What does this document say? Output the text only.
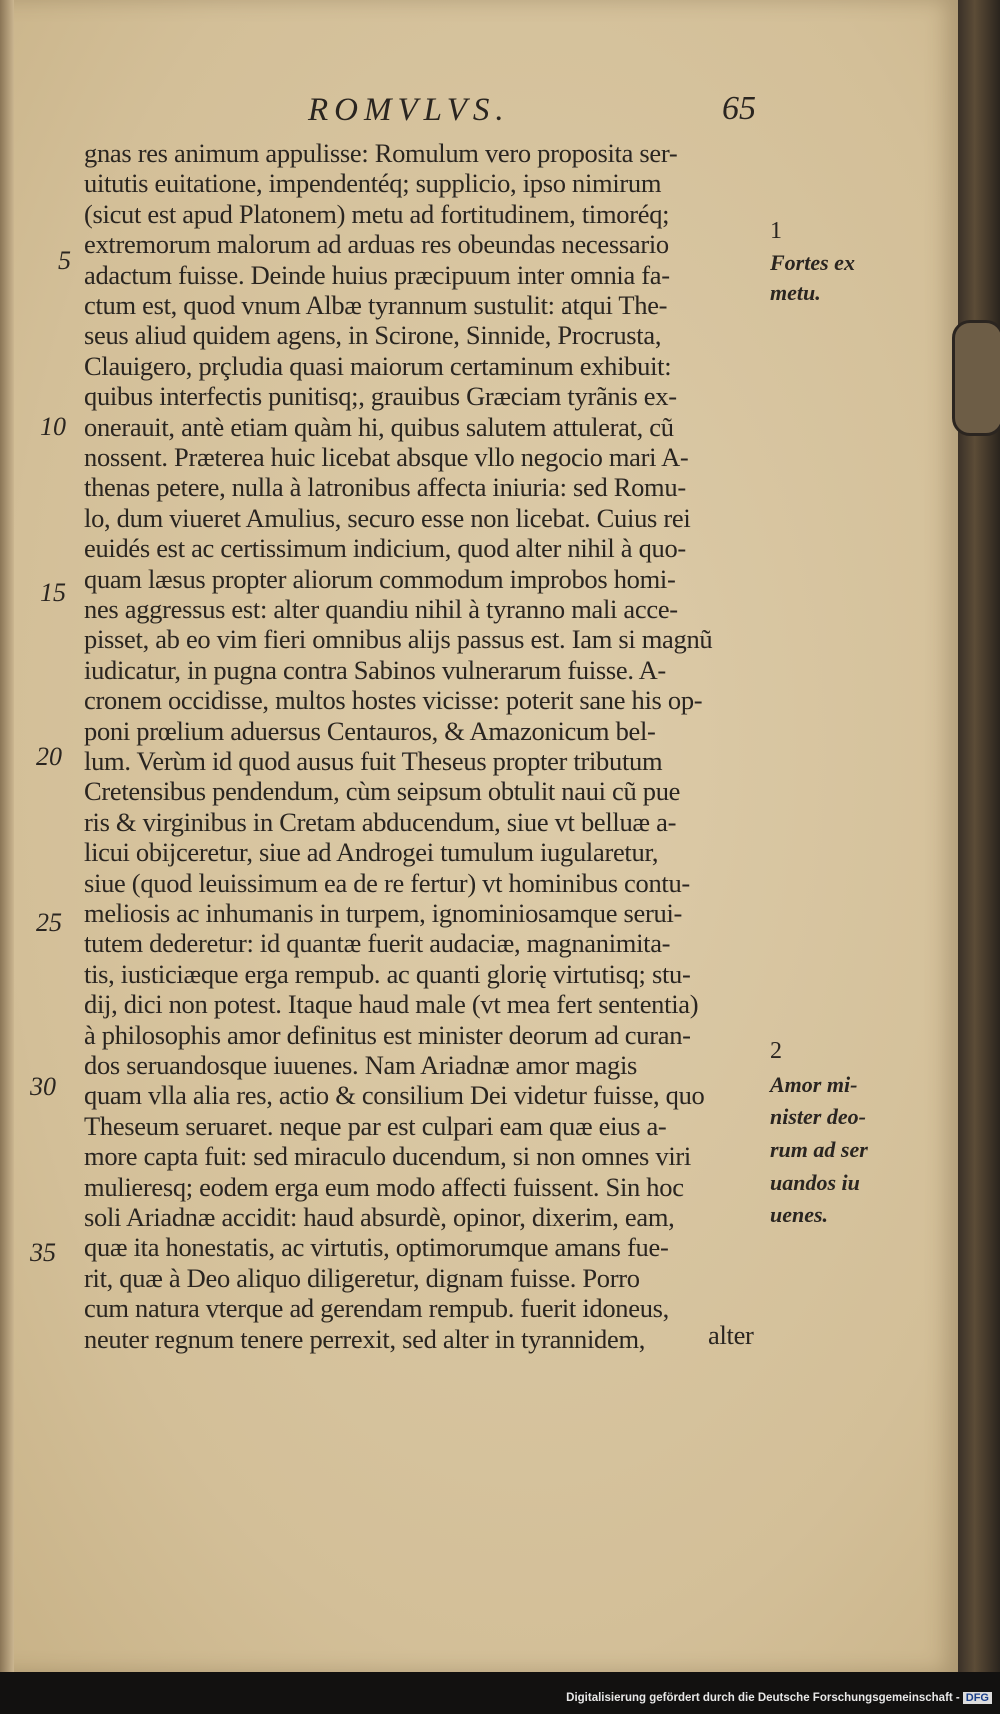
ROMVLVS.	65
gnas res animum appulisse: Romulum vero proposita ser-
uitutis euitatione, impendentéq; supplicio, ipso nimirum
(sicut est apud Platonem) metu ad fortitudinem, timoréq;
extremorum malorum ad arduas res obeundas necessario
adactum fuisse. Deinde huius præcipuum inter omnia fa-
ctum est, quod vnum Albæ tyrannum sustulit: atqui The-
seus aliud quidem agens, in Scirone, Sinnide, Procrusta,
Clauigero, prçludia quasi maiorum certaminum exhibuit:
quibus interfectis punitisq;, grauibus Græciam tyrãnis ex-
onerauit, antè etiam quàm hi, quibus salutem attulerat, cũ
nossent. Præterea huic licebat absque vllo negocio mari A-
thenas petere, nulla à latronibus affecta iniuria: sed Romu-
lo, dum viueret Amulius, securo esse non licebat. Cuius rei
euidés est ac certissimum indicium, quod alter nihil à quo-
quam læsus propter aliorum commodum improbos homi-
nes aggressus est: alter quandiu nihil à tyranno mali acce-
pisset, ab eo vim fieri omnibus alijs passus est. Iam si magnũ
iudicatur, in pugna contra Sabinos vulnerarum fuisse. A-
cronem occidisse, multos hostes vicisse: poterit sane his op-
poni prœlium aduersus Centauros, & Amazonicum bel-
lum. Verùm id quod ausus fuit Theseus propter tributum
Cretensibus pendendum, cùm seipsum obtulit naui cũ pue
ris & virginibus in Cretam abducendum, siue vt belluæ a-
licui obijceretur, siue ad Androgei tumulum iugularetur,
siue (quod leuissimum ea de re fertur) vt hominibus contu-
meliosis ac inhumanis in turpem, ignominiosamque serui-
tutem dederetur: id quantæ fuerit audaciæ, magnanimita-
tis, iusticiæque erga rempub. ac quanti glorię virtutisq; stu-
dij, dici non potest. Itaque haud male (vt mea fert sententia)
à philosophis amor definitus est minister deorum ad curan-
dos seruandosque iuuenes. Nam Ariadnæ amor magis
quam vlla alia res, actio & consilium Dei videtur fuisse, quo
Theseum seruaret. neque par est culpari eam quæ eius a-
more capta fuit: sed miraculo ducendum, si non omnes viri
mulieresq; eodem erga eum modo affecti fuissent. Sin hoc
soli Ariadnæ accidit: haud absurdè, opinor, dixerim, eam,
quæ ita honestatis, ac virtutis, optimorumque amans fue-
rit, quæ à Deo aliquo diligeretur, dignam fuisse. Porro
cum natura vterque ad gerendam rempub. fuerit idoneus,
neuter regnum tenere perrexit, sed alter in tyrannidem,	alter
5
10
15
20
25
30
35
1
Fortes ex
metu.
2
Amor mi-
nister deo-
rum ad ser
uandos iu
uenes.
Digitalisierung gefördert durch die Deutsche Forschungsgemeinschaft - DFG
